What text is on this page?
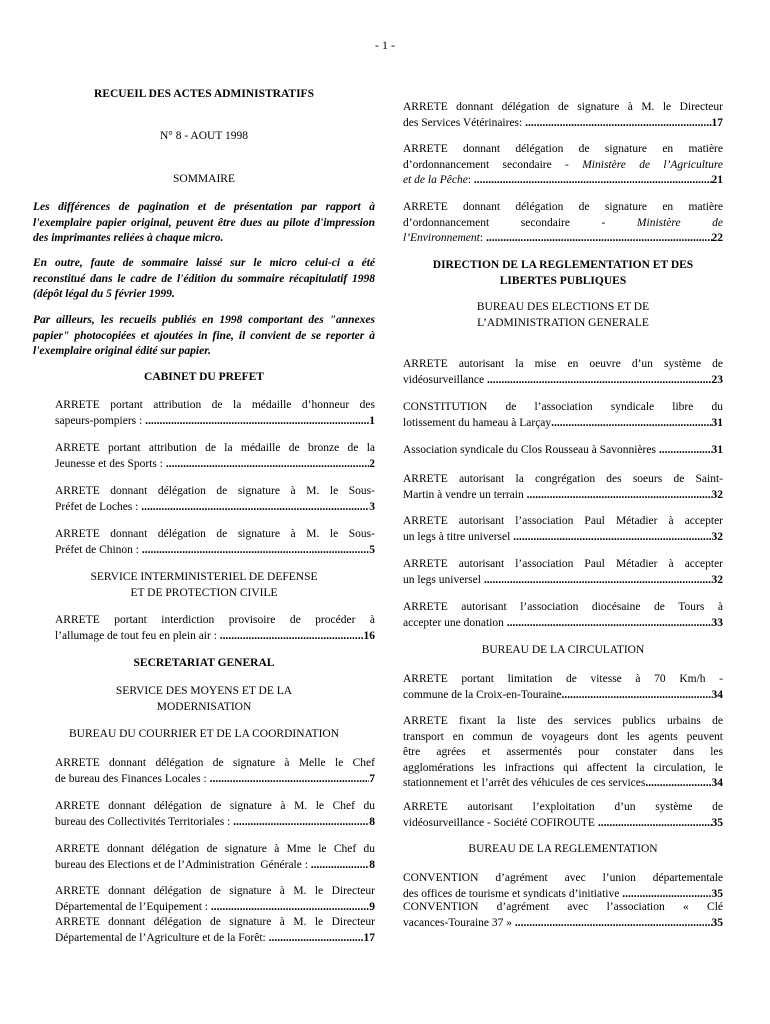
- 1 -
RECUEIL DES ACTES ADMINISTRATIFS
N° 8 - AOUT 1998
SOMMAIRE
Les différences de pagination et de présentation par rapport à l'exemplaire papier original, peuvent être dues au pilote d'impression des imprimantes reliées à chaque micro.
En outre, faute de sommaire laissé sur le micro celui-ci a été reconstitué dans le cadre de l'édition du sommaire récapitulatif 1998 (dépôt légal du 5 février 1999.
Par ailleurs, les recueils publiés en 1998 comportant des "annexes papier" photocopiées et ajoutées in fine, il convient de se reporter à l'exemplaire original édité sur papier.
CABINET DU PREFET
ARRETE portant attribution de la médaille d’honneur des
sapeurs-pompiers : .....	1
ARRETE portant attribution de la médaille de bronze de la
Jeunesse et des Sports : .....	2
ARRETE donnant délégation de signature à M. le Sous-
Préfet de Loches : .....	3
ARRETE donnant délégation de signature à M. le Sous-
Préfet de Chinon : .....	5
SERVICE INTERMINISTERIEL DE DEFENSE
ET DE PROTECTION CIVILE
ARRETE portant interdiction provisoire de procéder à
l’allumage de tout feu en plein air : .....	16
SECRETARIAT GENERAL
SERVICE DES MOYENS ET DE LA
MODERNISATION
BUREAU DU COURRIER ET DE LA COORDINATION
ARRETE donnant délégation de signature à Melle le Chef
de bureau des Finances Locales : .....	7
ARRETE donnant délégation de signature à M. le Chef du
bureau des Collectivités Territoriales : .....	8
ARRETE donnant délégation de signature à Mme le Chef du
bureau des Elections et de l’Administration  Générale : .....	8
ARRETE donnant délégation de signature à M. le Directeur
Départemental de l’Equipement : .....	9
ARRETE donnant délégation de signature à M. le Directeur
Départemental de l’Agriculture et de la Forêt: .....	17
ARRETE donnant délégation de signature à M. le Directeur
des Services Vétérinaires: .....	17
ARRETE donnant délégation de signature en matière
d’ordonnancement secondaire - Ministère de l’Agriculture
et de la Pêche : .....	21
ARRETE donnant délégation de signature en matière
d’ordonnancement secondaire - Ministère de
l’Environnement : .....	22
DIRECTION DE LA REGLEMENTATION ET DES
LIBERTES PUBLIQUES
BUREAU DES ELECTIONS ET DE
L’ADMINISTRATION GENERALE
ARRETE autorisant la mise en oeuvre d’un système de
vidéosurveillance .....	23
CONSTITUTION de l’association syndicale libre du
lotissement du hameau à Larçay .....	31
Association syndicale du Clos Rousseau à Savonnières .....	31
ARRETE autorisant la congrégation des soeurs de Saint-
Martin à vendre un terrain .....	32
ARRETE autorisant l’association Paul Métadier à accepter
un legs à titre universel .....	32
ARRETE autorisant l’association Paul Métadier à accepter
un legs universel .....	32
ARRETE autorisant l’association diocésaine de Tours à
accepter une donation .....	33
BUREAU DE LA CIRCULATION
ARRETE portant limitation de vitesse à 70 Km/h -
commune de la Croix-en-Touraine .....	34
ARRETE fixant la liste des services publics urbains de
transport en commun de voyageurs dont les agents peuvent
être agrées et assermentés pour constater dans les
agglomérations les infractions qui affectent la circulation, le
stationnement et l’arrêt des véhicules de ces services .....	34
ARRETE autorisant l’exploitation d’un système de
vidéosurveillance - Société COFIROUTE .....	35
BUREAU DE LA REGLEMENTATION
CONVENTION d’agrément avec l’union départementale
des offices de tourisme et syndicats d’initiative .....	35
CONVENTION d’agrément avec l’association « Clé
vacances-Touraine 37 » .....	35
